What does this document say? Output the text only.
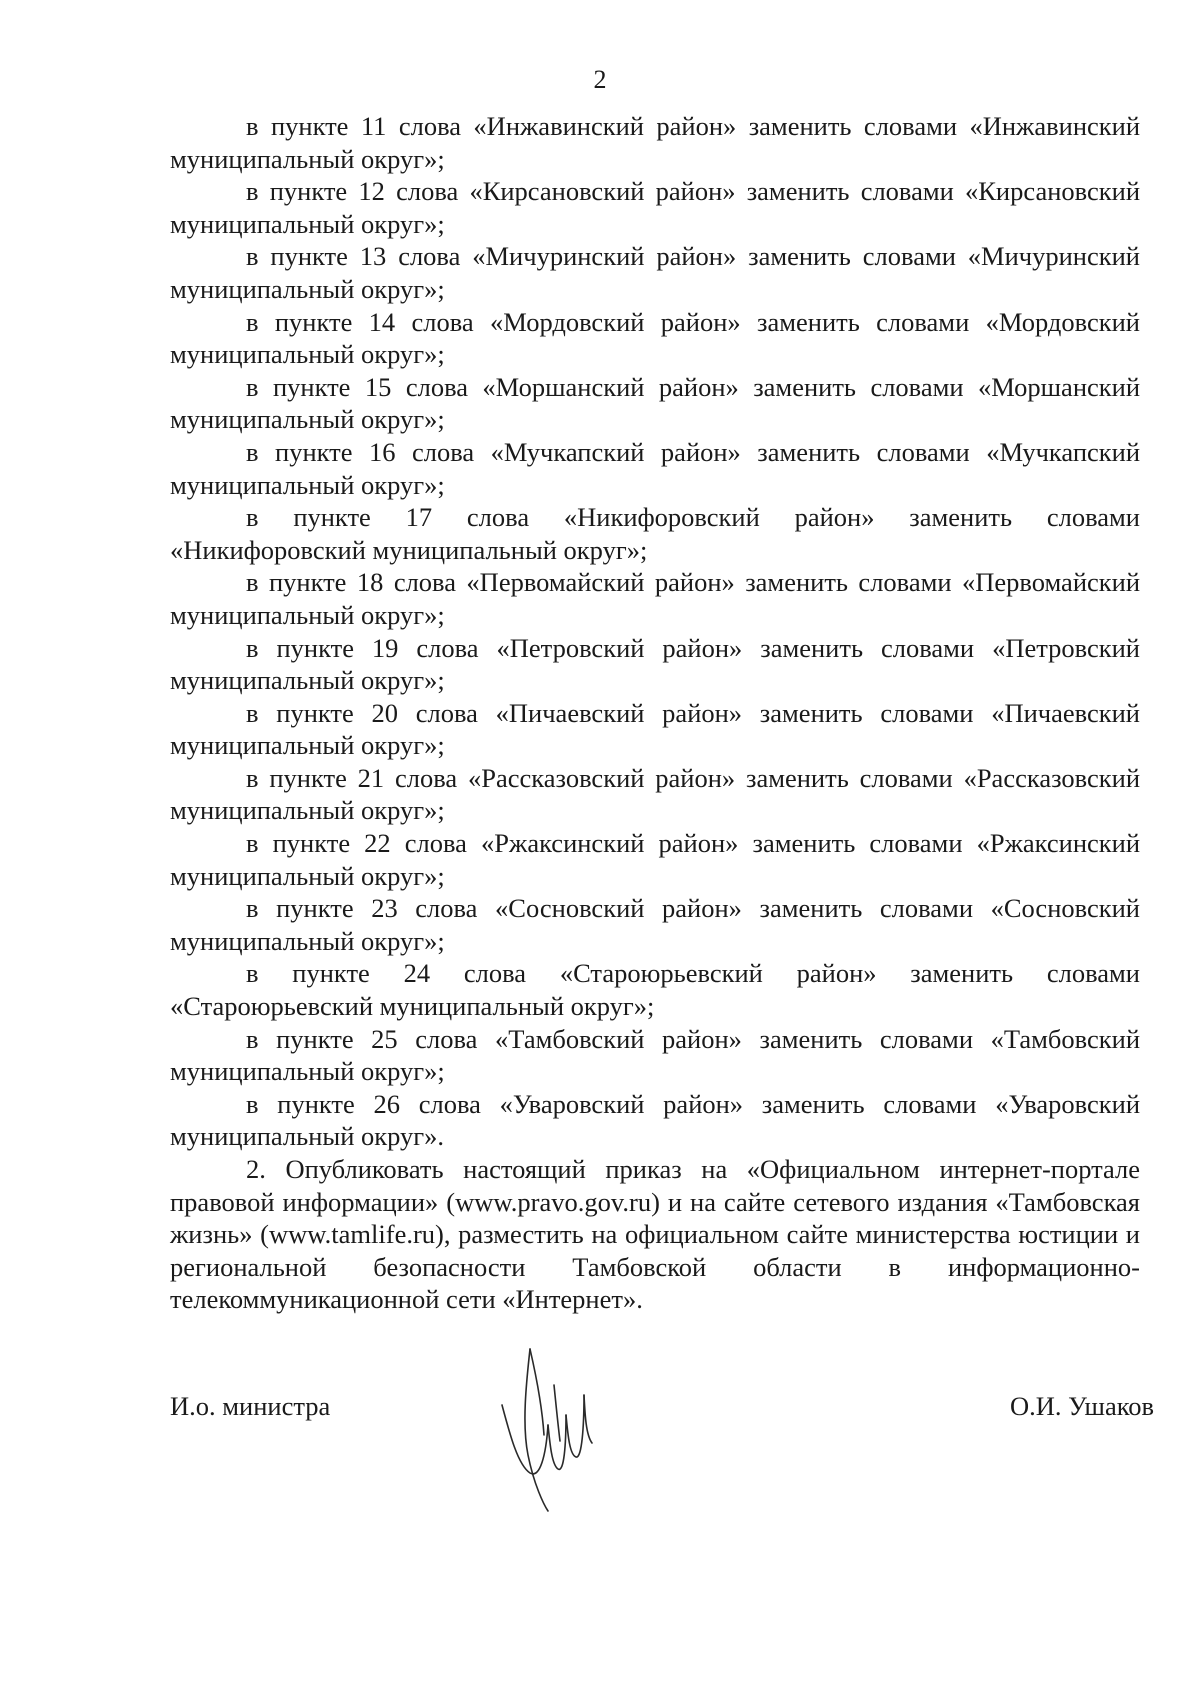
2

в пункте 11 слова «Инжавинский район» заменить словами «Инжавинский муниципальный округ»;

в пункте 12 слова «Кирсановский район» заменить словами «Кирсановский муниципальный округ»;

в пункте 13 слова «Мичуринский район» заменить словами «Мичуринский муниципальный округ»;

в пункте 14 слова «Мордовский район» заменить словами «Мордовский муниципальный округ»;

в пункте 15 слова «Моршанский район» заменить словами «Моршанский муниципальный округ»;

в пункте 16 слова «Мучкапский район» заменить словами «Мучкапский муниципальный округ»;

в пункте 17 слова «Никифоровский район» заменить словами «Никифоровский муниципальный округ»;

в пункте 18 слова «Первомайский район» заменить словами «Первомайский муниципальный округ»;

в пункте 19 слова «Петровский район» заменить словами «Петровский муниципальный округ»;

в пункте 20 слова «Пичаевский район» заменить словами «Пичаевский муниципальный округ»;

в пункте 21 слова «Рассказовский район» заменить словами «Рассказовский муниципальный округ»;

в пункте 22 слова «Ржаксинский район» заменить словами «Ржаксинский муниципальный округ»;

в пункте 23 слова «Сосновский район» заменить словами «Сосновский муниципальный округ»;

в пункте 24 слова «Староюрьевский район» заменить словами «Староюрьевский муниципальный округ»;

в пункте 25 слова «Тамбовский район» заменить словами «Тамбовский муниципальный округ»;

в пункте 26 слова «Уваровский район» заменить словами «Уваровский муниципальный округ».

2. Опубликовать настоящий приказ на «Официальном интернет-портале правовой информации» (www.pravo.gov.ru) и на сайте сетевого издания «Тамбовская жизнь» (www.tamlife.ru), разместить на официальном сайте министерства юстиции и региональной безопасности Тамбовской области в информационно-телекоммуникационной сети «Интернет».

И.о. министра	О.И. Ушаков
